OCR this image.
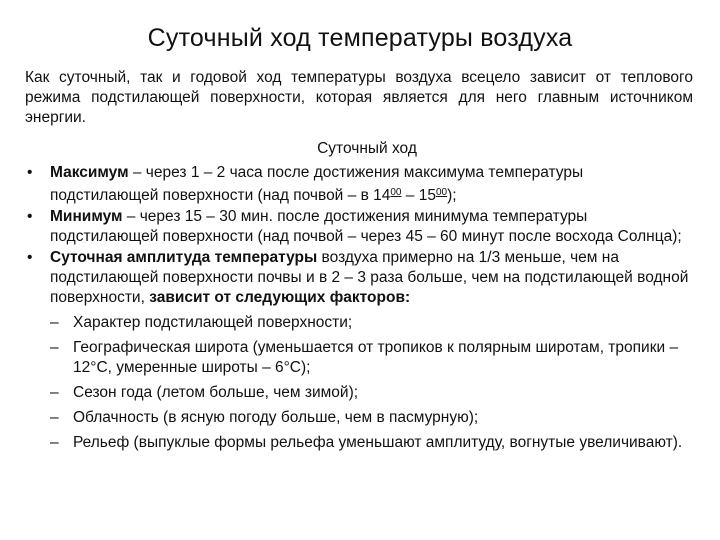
Суточный ход температуры воздуха
Как суточный, так и годовой ход температуры воздуха всецело зависит от теплового режима подстилающей поверхности, которая является для него главным источником энергии.
Суточный ход
• Максимум – через 1 – 2 часа после достижения максимума температуры подстилающей поверхности (над почвой – в $14^{00} - 15^{00}$);
• Минимум – через 15 – 30 мин. после достижения минимума температуры подстилающей поверхности (над почвой – через 45 – 60 минут после восхода Солнца);
• Суточная амплитуда температуры воздуха примерно на 1/3 меньше, чем на подстилающей поверхности почвы и в 2 – 3 раза больше, чем на подстилающей водной поверхности, зависит от следующих факторов:
– Характер подстилающей поверхности;
– Географическая широта (уменьшается от тропиков к полярным широтам, тропики – 12°С, умеренные широты – 6°С);
– Сезон года (летом больше, чем зимой);
– Облачность (в ясную погоду больше, чем в пасмурную);
– Рельеф (выпуклые формы рельефа уменьшают амплитуду, вогнутые увеличивают).
